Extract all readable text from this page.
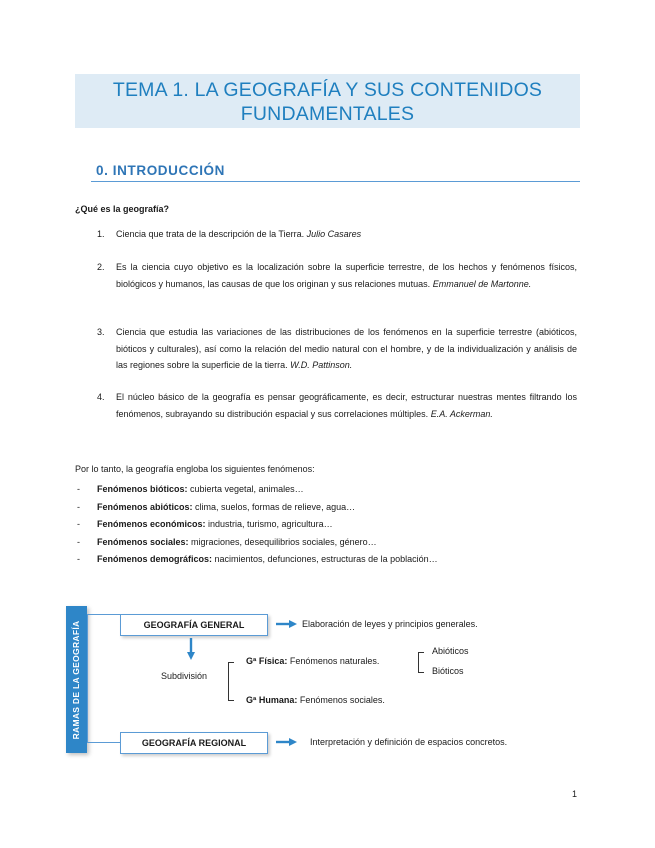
TEMA 1. LA GEOGRAFÍA Y SUS CONTENIDOS
FUNDAMENTALES
0. INTRODUCCIÓN
¿Qué es la geografía?
1.	Ciencia que trata de la descripción de la Tierra. Julio Casares
2.	Es la ciencia cuyo objetivo es la localización sobre la superficie terrestre, de los hechos y fenómenos físicos, biológicos y humanos, las causas de que los originan y sus relaciones mutuas. Emmanuel de Martonne.
3.	Ciencia que estudia las variaciones de las distribuciones de los fenómenos en la superficie terrestre (abióticos, bióticos y culturales), así como la relación del medio natural con el hombre, y de la individualización y análisis de las regiones sobre la superficie de la tierra. W.D. Pattinson.
4.	El núcleo básico de la geografía es pensar geográficamente, es decir, estructurar nuestras mentes filtrando los fenómenos, subrayando su distribución espacial y sus correlaciones múltiples. E.A. Ackerman.
Por lo tanto, la geografía engloba los siguientes fenómenos:
- Fenómenos bióticos: cubierta vegetal, animales…
- Fenómenos abióticos: clima, suelos, formas de relieve, agua…
- Fenómenos económicos: industria, turismo, agricultura…
- Fenómenos sociales: migraciones, desequilibrios sociales, género…
- Fenómenos demográficos: nacimientos, defunciones, estructuras de la población…
RAMAS DE LA GEOGRAFÍA	GEOGRAFÍA GENERAL
GEOGRAFÍA REGIONAL
Elaboración de leyes y principios generales.
Subdivisión
Gª Física: Fenómenos naturales.
Abióticos
Bióticos
Gª Humana: Fenómenos sociales.
Interpretación y definición de espacios concretos.
1
